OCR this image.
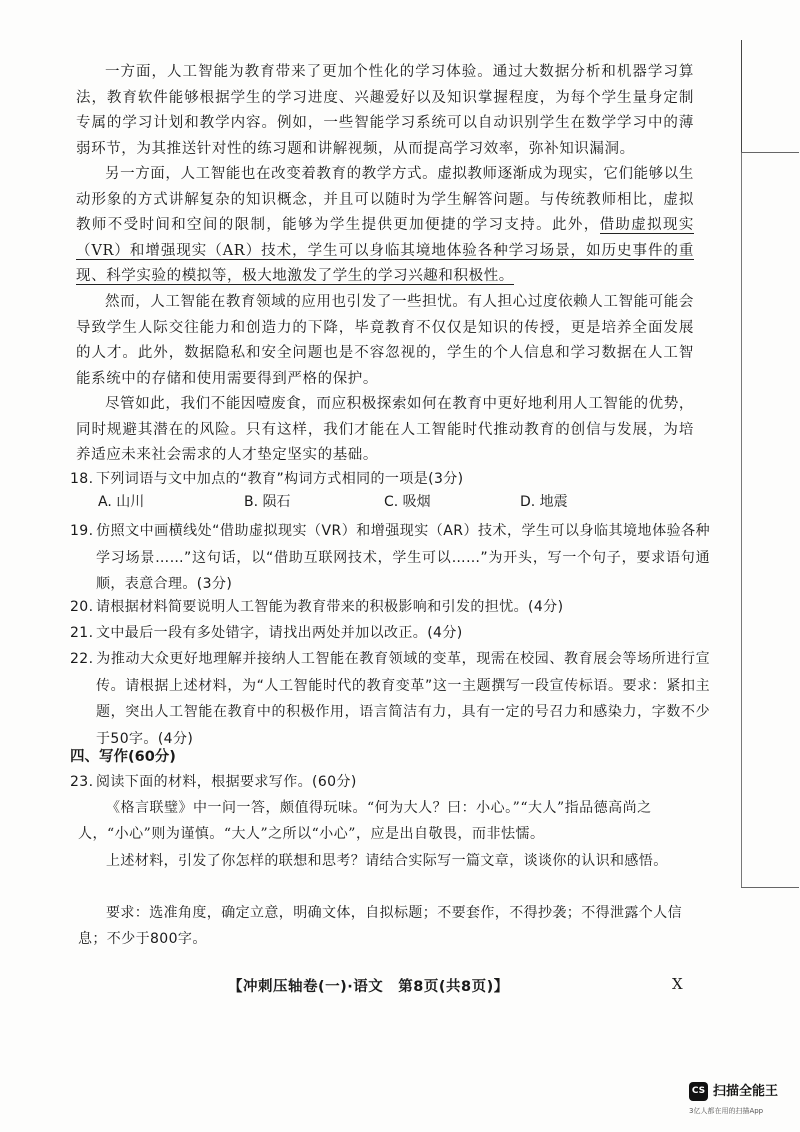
一方面，人工智能为教育带来了更加个性化的学习体验。通过大数据分析和机器学习算法，教育软件能够根据学生的学习进度、兴趣爱好以及知识掌握程度，为每个学生量身定制专属的学习计划和教学内容。例如，一些智能学习系统可以自动识别学生在数学学习中的薄弱环节，为其推送针对性的练习题和讲解视频，从而提高学习效率，弥补知识漏洞。

另一方面，人工智能也在改变着教育的教学方式。虚拟教师逐渐成为现实，它们能够以生动形象的方式讲解复杂的知识概念，并且可以随时为学生解答问题。与传统教师相比，虚拟教师不受时间和空间的限制，能够为学生提供更加便捷的学习支持。此外，借助虚拟现实（VR）和增强现实（AR）技术，学生可以身临其境地体验各种学习场景，如历史事件的重现、科学实验的模拟等，极大地激发了学生的学习兴趣和积极性。

然而，人工智能在教育领域的应用也引发了一些担忧。有人担心过度依赖人工智能可能会导致学生人际交往能力和创造力的下降，毕竟教育不仅仅是知识的传授，更是培养全面发展的人才。此外，数据隐私和安全问题也是不容忽视的，学生的个人信息和学习数据在人工智能系统中的存储和使用需要得到严格的保护。

尽管如此，我们不能因噎废食，而应积极探索如何在教育中更好地利用人工智能的优势，同时规避其潜在的风险。只有这样，我们才能在人工智能时代推动教育的创信与发展，为培养适应未来社会需求的人才垫定坚实的基础。

18. 下列词语与文中加点的“教育”构词方式相同的一项是(3分)

A. 山川	B. 陨石	C. 吸烟	D. 地震

19. 仿照文中画横线处“借助虚拟现实（VR）和增强现实（AR）技术，学生可以身临其境地体验各种学习场景……”这句话，以“借助互联网技术，学生可以……”为开头，写一个句子，要求语句通顺，表意合理。(3分)

20. 请根据材料简要说明人工智能为教育带来的积极影响和引发的担忧。(4分)

21. 文中最后一段有多处错字，请找出两处并加以改正。(4分)

22. 为推动大众更好地理解并接纳人工智能在教育领域的变革，现需在校园、教育展会等场所进行宣传。请根据上述材料，为“人工智能时代的教育变革”这一主题撰写一段宣传标语。要求：紧扣主题，突出人工智能在教育中的积极作用，语言简洁有力，具有一定的号召力和感染力，字数不少于50字。(4分)

四、写作(60分)

23. 阅读下面的材料，根据要求写作。(60分)

《格言联璧》中一问一答，颇值得玩味。“何为大人？曰：小心。”“大人”指品德高尚之人，“小心”则为谨慎。“大人”之所以“小心”，应是出自敬畏，而非怯懦。

上述材料，引发了你怎样的联想和思考？请结合实际写一篇文章，谈谈你的认识和感悟。

要求：选准角度，确定立意，明确文体，自拟标题；不要套作，不得抄袭；不得泄露个人信息；不少于800字。

【冲刺压轴卷(一)·语文　第8页(共8页)】	X
CS 扫描全能王
3亿人都在用的扫描App
